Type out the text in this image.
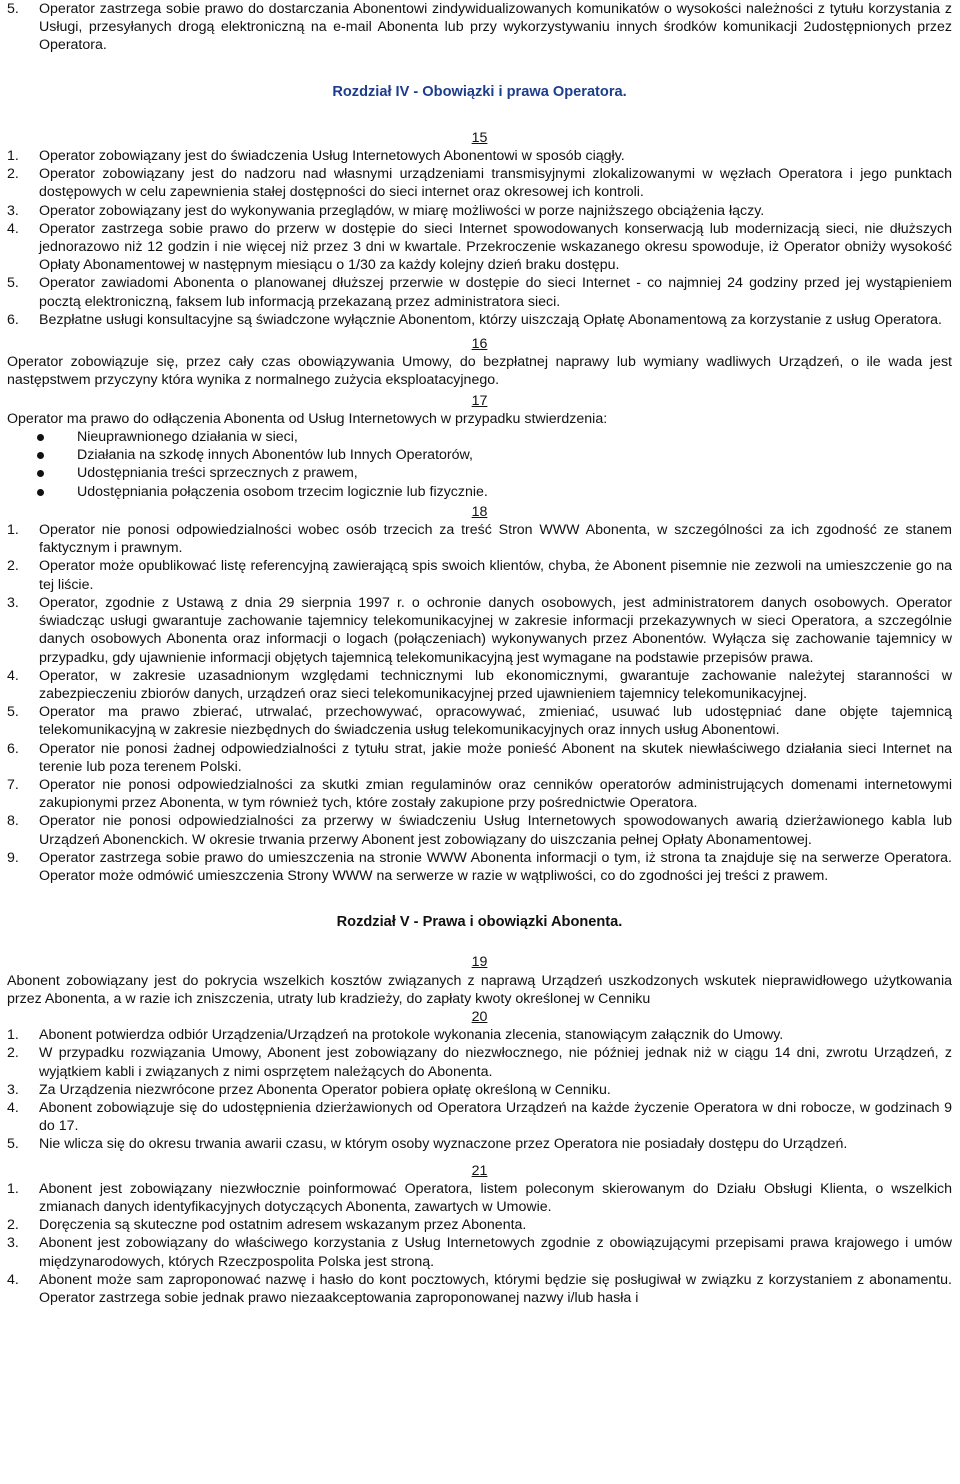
5.	Operator zastrzega sobie prawo do dostarczania Abonentowi zindywidualizowanych komunikatów o wysokości należności z tytułu korzystania z Usługi, przesyłanych drogą elektroniczną na e-mail Abonenta lub przy wykorzystywaniu innych środków komunikacji 2udostępnionych przez Operatora.
Rozdział IV - Obowiązki i prawa Operatora.
15
1.	Operator zobowiązany jest do świadczenia Usług Internetowych Abonentowi w sposób ciągły.
2.	Operator zobowiązany jest do nadzoru nad własnymi urządzeniami transmisyjnymi zlokalizowanymi w węzłach Operatora i jego punktach dostępowych w celu zapewnienia stałej dostępności do sieci internet oraz okresowej ich kontroli.
3.	Operator zobowiązany jest do wykonywania przeglądów, w miarę możliwości w porze najniższego obciążenia łączy.
4.	Operator zastrzega sobie prawo do przerw w dostępie do sieci Internet spowodowanych konserwacją lub modernizacją sieci, nie dłuższych jednorazowo niż 12 godzin i nie więcej niż przez 3 dni w kwartale. Przekroczenie wskazanego okresu spowoduje, iż Operator obniży wysokość Opłaty Abonamentowej w następnym miesiącu o 1/30 za każdy kolejny dzień braku dostępu.
5.	Operator zawiadomi Abonenta o planowanej dłuższej przerwie w dostępie do sieci Internet - co najmniej 24 godziny przed jej wystąpieniem pocztą elektroniczną, faksem lub informacją przekazaną przez administratora sieci.
6.	Bezpłatne usługi konsultacyjne są świadczone wyłącznie Abonentom, którzy uiszczają Opłatę Abonamentową za korzystanie z usług Operatora.
16
Operator zobowiązuje się, przez cały czas obowiązywania Umowy, do bezpłatnej naprawy lub wymiany wadliwych Urządzeń, o ile wada jest następstwem przyczyny która wynika z normalnego zużycia eksploatacyjnego.
17
Operator ma prawo do odłączenia Abonenta od Usług Internetowych w przypadku stwierdzenia:
Nieuprawnionego działania w sieci,
Działania na szkodę innych Abonentów lub Innych Operatorów,
Udostępniania treści sprzecznych z prawem,
Udostępniania połączenia osobom trzecim logicznie lub fizycznie.
18
1.	Operator nie ponosi odpowiedzialności wobec osób trzecich za treść Stron WWW Abonenta, w szczególności za ich zgodność ze stanem faktycznym i prawnym.
2.	Operator może opublikować listę referencyjną zawierającą spis swoich klientów, chyba, że Abonent pisemnie nie zezwoli na umieszczenie go na tej liście.
3.	Operator, zgodnie z Ustawą z dnia 29 sierpnia 1997 r. o ochronie danych osobowych, jest administratorem danych osobowych. Operator świadcząc usługi gwarantuje zachowanie tajemnicy telekomunikacyjnej w zakresie informacji przekazywnych w sieci Operatora, a szczególnie danych osobowych Abonenta oraz informacji o logach (połączeniach) wykonywanych przez Abonentów. Wyłącza się zachowanie tajemnicy w przypadku, gdy ujawnienie informacji objętych tajemnicą telekomunikacyjną jest wymagane na podstawie przepisów prawa.
4.	Operator, w zakresie uzasadnionym względami technicznymi lub ekonomicznymi, gwarantuje zachowanie należytej staranności w zabezpieczeniu zbiorów danych, urządzeń oraz sieci telekomunikacyjnej przed ujawnieniem tajemnicy telekomunikacyjnej.
5.	Operator ma prawo zbierać, utrwalać, przechowywać, opracowywać, zmieniać, usuwać lub udostępniać dane objęte tajemnicą telekomunikacyjną w zakresie niezbędnych do świadczenia usług telekomunikacyjnych oraz innych usług Abonentowi.
6.	Operator nie ponosi żadnej odpowiedzialności z tytułu strat, jakie może ponieść Abonent na skutek niewłaściwego działania sieci Internet na terenie lub poza terenem Polski.
7.	Operator nie ponosi odpowiedzialności za skutki zmian regulaminów oraz cenników operatorów administrujących domenami internetowymi zakupionymi przez Abonenta, w tym również tych, które zostały zakupione przy pośrednictwie Operatora.
8.	Operator nie ponosi odpowiedzialności za przerwy w świadczeniu Usług Internetowych spowodowanych awarią dzierżawionego kabla lub Urządzeń Abonenckich. W okresie trwania przerwy Abonent jest zobowiązany do uiszczania pełnej Opłaty Abonamentowej.
9.	Operator zastrzega sobie prawo do umieszczenia na stronie WWW Abonenta informacji o tym, iż strona ta znajduje się na serwerze Operatora. Operator może odmówić umieszczenia Strony WWW na serwerze w razie w wątpliwości, co do zgodności jej treści z prawem.
Rozdział V - Prawa i obowiązki Abonenta.
19
Abonent zobowiązany jest do pokrycia wszelkich kosztów związanych z naprawą Urządzeń uszkodzonych wskutek nieprawidłowego użytkowania przez Abonenta, a w razie ich zniszczenia, utraty lub kradzieży, do zapłaty kwoty określonej w Cenniku
20
1.	Abonent potwierdza odbiór Urządzenia/Urządzeń na protokole wykonania zlecenia, stanowiącym załącznik do Umowy.
2.	W przypadku rozwiązania Umowy, Abonent jest zobowiązany do niezwłocznego, nie później jednak niż w ciągu 14 dni, zwrotu Urządzeń, z wyjątkiem kabli i związanych z nimi osprzętem należących do Abonenta.
3.	Za Urządzenia niezwrócone przez Abonenta Operator pobiera opłatę określoną w Cenniku.
4.	Abonent zobowiązuje się do udostępnienia dzierżawionych od Operatora Urządzeń na każde życzenie Operatora w dni robocze, w godzinach 9 do 17.
5.	Nie wlicza się do okresu trwania awarii czasu, w którym osoby wyznaczone przez Operatora nie posiadały dostępu do Urządzeń.
21
1.	Abonent jest zobowiązany niezwłocznie poinformować Operatora, listem poleconym skierowanym do Działu Obsługi Klienta, o wszelkich zmianach danych identyfikacyjnych dotyczących Abonenta, zawartych w Umowie.
2.	Doręczenia są skuteczne pod ostatnim adresem wskazanym przez Abonenta.
3.	Abonent jest zobowiązany do właściwego korzystania z Usług Internetowych zgodnie z obowiązującymi przepisami prawa krajowego i umów międzynarodowych, których Rzeczpospolita Polska jest stroną.
4.	Abonent może sam zaproponować nazwę i hasło do kont pocztowych, którymi będzie się posługiwał w związku z korzystaniem z abonamentu. Operator zastrzega sobie jednak prawo niezaakceptowania zaproponowanej nazwy i/lub hasła i
